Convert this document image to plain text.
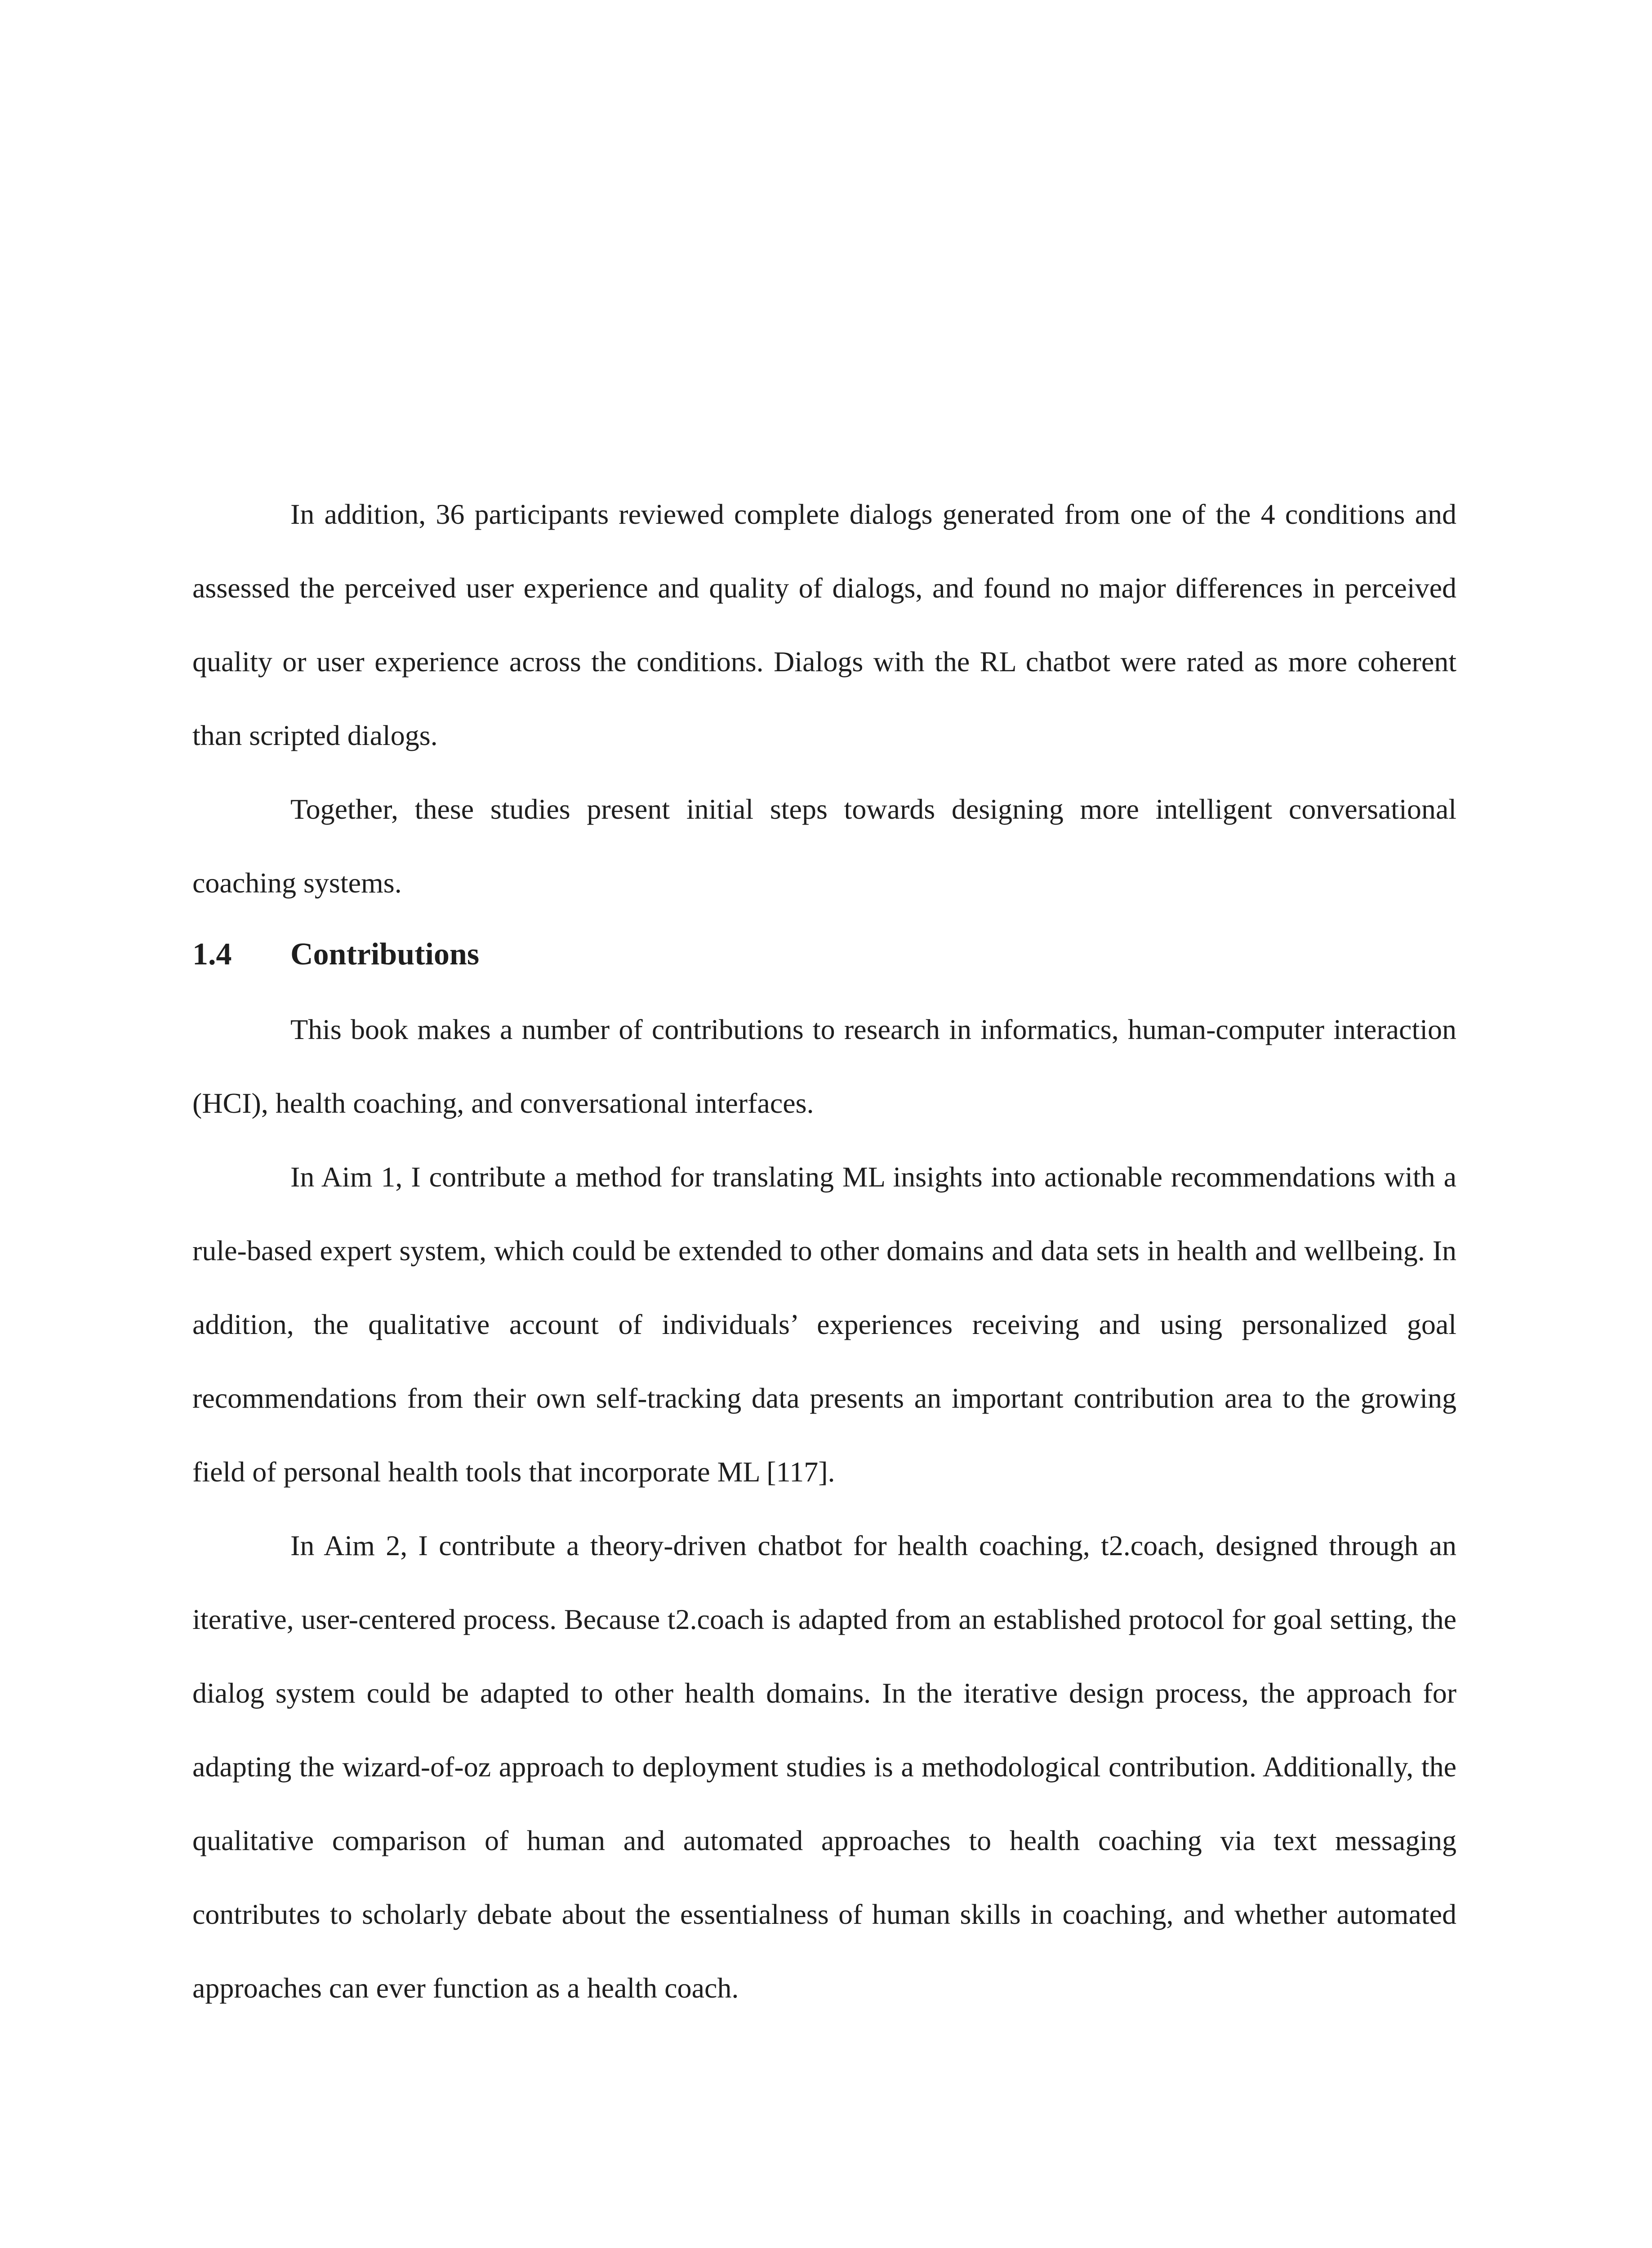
In addition, 36 participants reviewed complete dialogs generated from one of the 4 conditions and assessed the perceived user experience and quality of dialogs, and found no major differences in perceived quality or user experience across the conditions. Dialogs with the RL chatbot were rated as more coherent than scripted dialogs.

Together, these studies present initial steps towards designing more intelligent conversational coaching systems.

1.4 Contributions

This book makes a number of contributions to research in informatics, human-computer interaction (HCI), health coaching, and conversational interfaces.

In Aim 1, I contribute a method for translating ML insights into actionable recommendations with a rule-based expert system, which could be extended to other domains and data sets in health and wellbeing. In addition, the qualitative account of individuals’ experiences receiving and using personalized goal recommendations from their own self-tracking data presents an important contribution area to the growing field of personal health tools that incorporate ML [117].

In Aim 2, I contribute a theory-driven chatbot for health coaching, t2.coach, designed through an iterative, user-centered process. Because t2.coach is adapted from an established protocol for goal setting, the dialog system could be adapted to other health domains. In the iterative design process, the approach for adapting the wizard-of-oz approach to deployment studies is a methodological contribution. Additionally, the qualitative comparison of human and automated approaches to health coaching via text messaging contributes to scholarly debate about the essentialness of human skills in coaching, and whether automated approaches can ever function as a health coach.
